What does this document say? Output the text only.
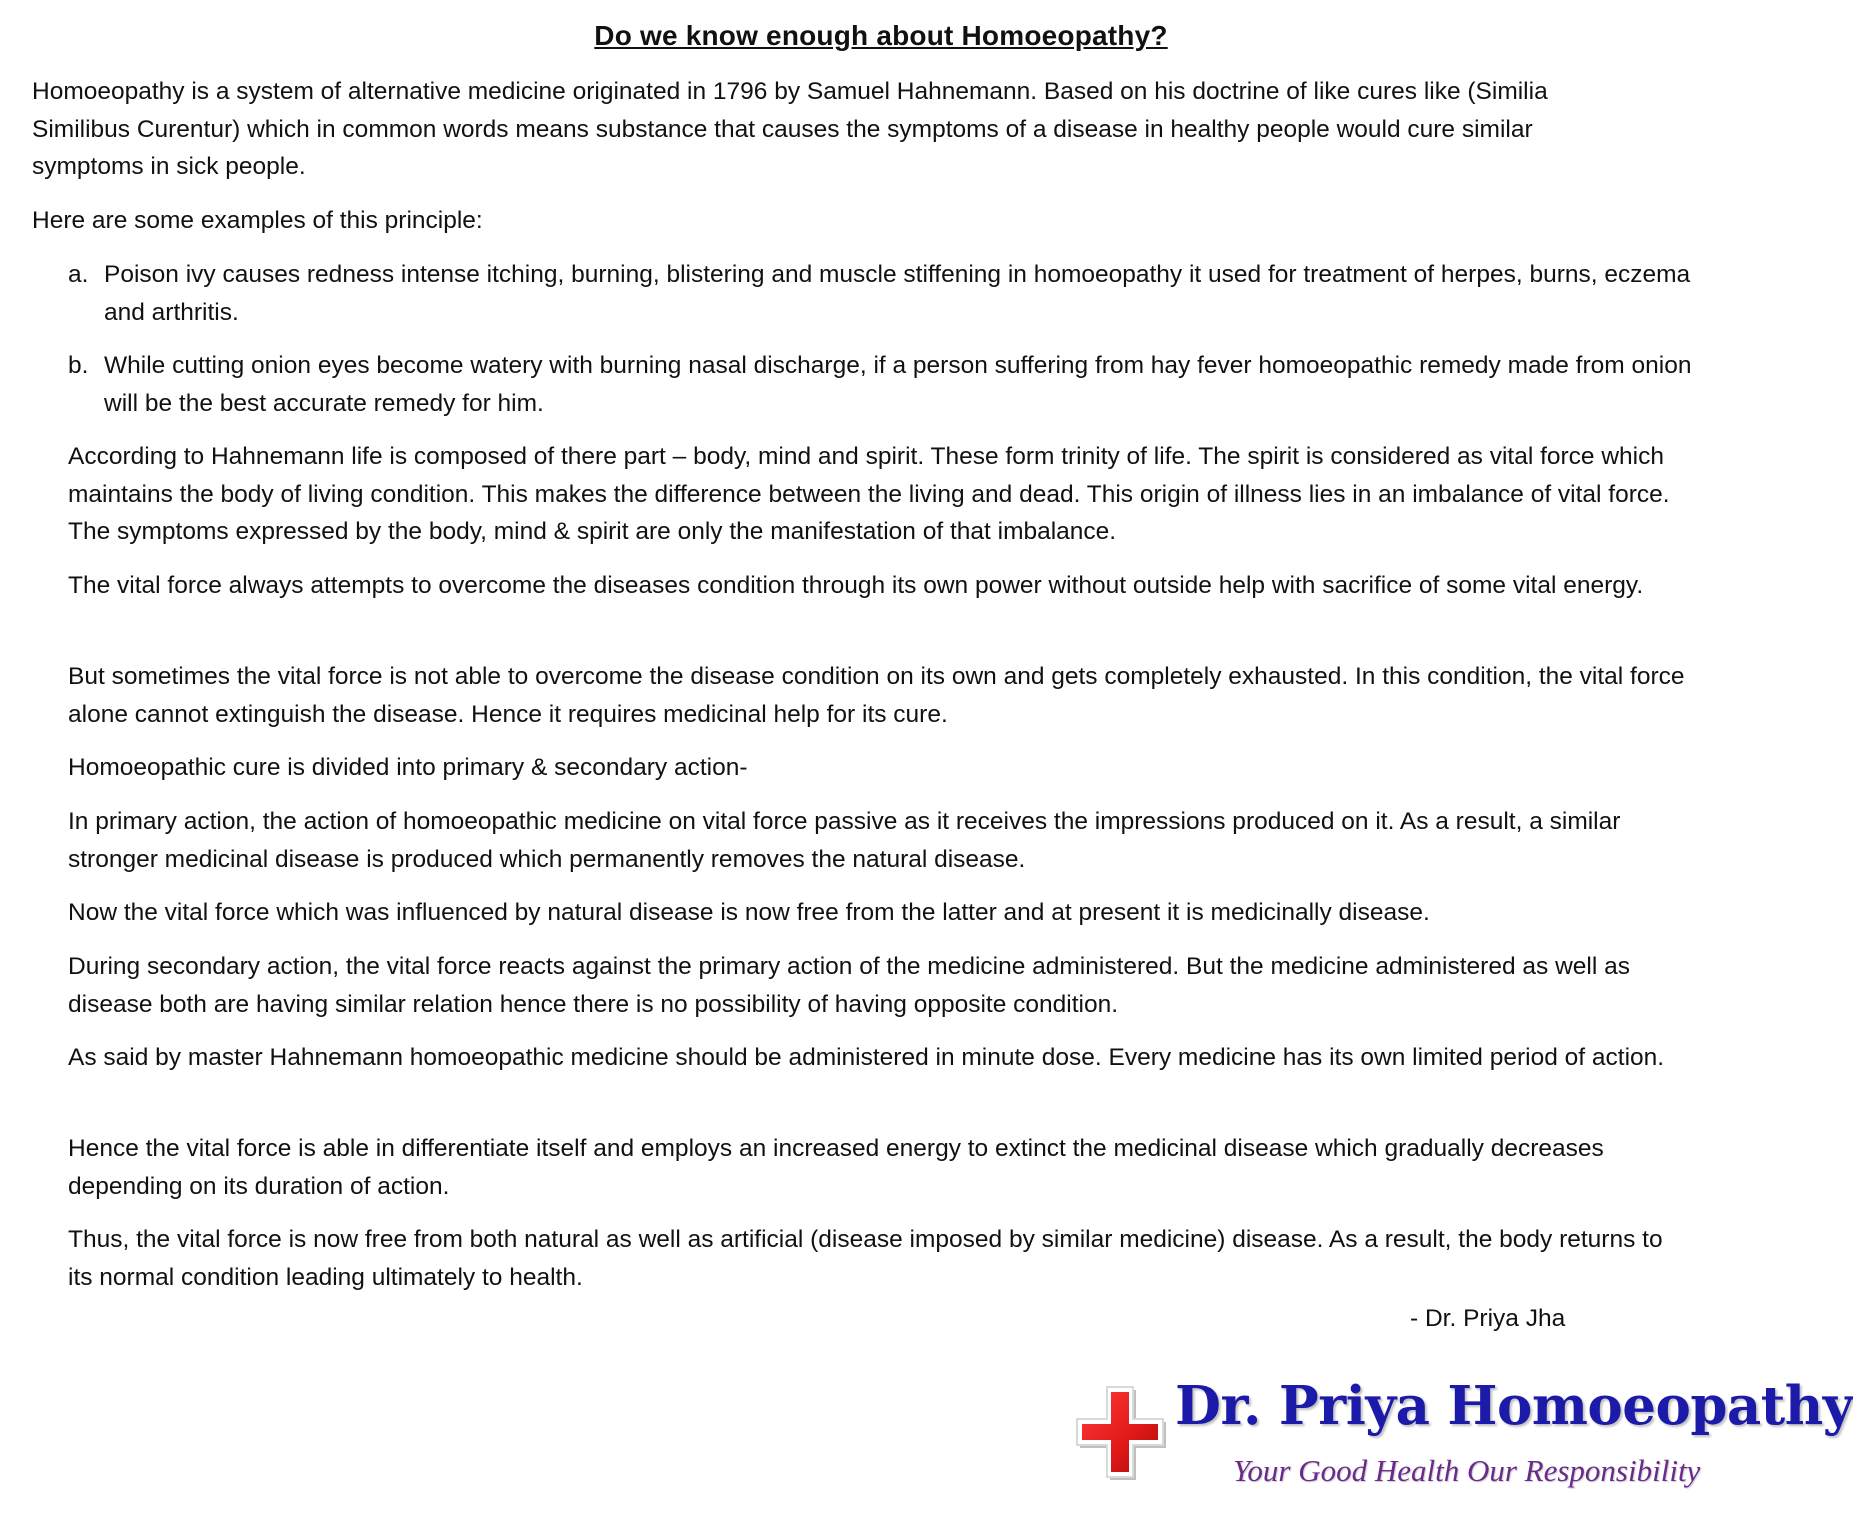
Do we know enough about Homoeopathy?

Homoeopathy is a system of alternative medicine originated in 1796 by Samuel Hahnemann. Based on his doctrine of like cures like (Similia Similibus Curentur) which in common words means substance that causes the symptoms of a disease in healthy people would cure similar symptoms in sick people.

Here are some examples of this principle:

a. Poison ivy causes redness intense itching, burning, blistering and muscle stiffening in homoeopathy it used for treatment of herpes, burns, eczema and arthritis.
b. While cutting onion eyes become watery with burning nasal discharge, if a person suffering from hay fever homoeopathic remedy made from onion will be the best accurate remedy for him.

According to Hahnemann life is composed of there part – body, mind and spirit. These form trinity of life. The spirit is considered as vital force which maintains the body of living condition. This makes the difference between the living and dead. This origin of illness lies in an imbalance of vital force. The symptoms expressed by the body, mind & spirit are only the manifestation of that imbalance.

The vital force always attempts to overcome the diseases condition through its own power without outside help with sacrifice of some vital energy.

But sometimes the vital force is not able to overcome the disease condition on its own and gets completely exhausted. In this condition, the vital force alone cannot extinguish the disease. Hence it requires medicinal help for its cure.

Homoeopathic cure is divided into primary & secondary action-

In primary action, the action of homoeopathic medicine on vital force passive as it receives the impressions produced on it. As a result, a similar stronger medicinal disease is produced which permanently removes the natural disease.

Now the vital force which was influenced by natural disease is now free from the latter and at present it is medicinally disease.

During secondary action, the vital force reacts against the primary action of the medicine administered. But the medicine administered as well as disease both are having similar relation hence there is no possibility of having opposite condition.

As said by master Hahnemann homoeopathic medicine should be administered in minute dose. Every medicine has its own limited period of action.

Hence the vital force is able in differentiate itself and employs an increased energy to extinct the medicinal disease which gradually decreases depending on its duration of action.

Thus, the vital force is now free from both natural as well as artificial (disease imposed by similar medicine) disease. As a result, the body returns to its normal condition leading ultimately to health.

- Dr. Priya Jha
Dr. Priya Homoeopathy
Your Good Health Our Responsibility
